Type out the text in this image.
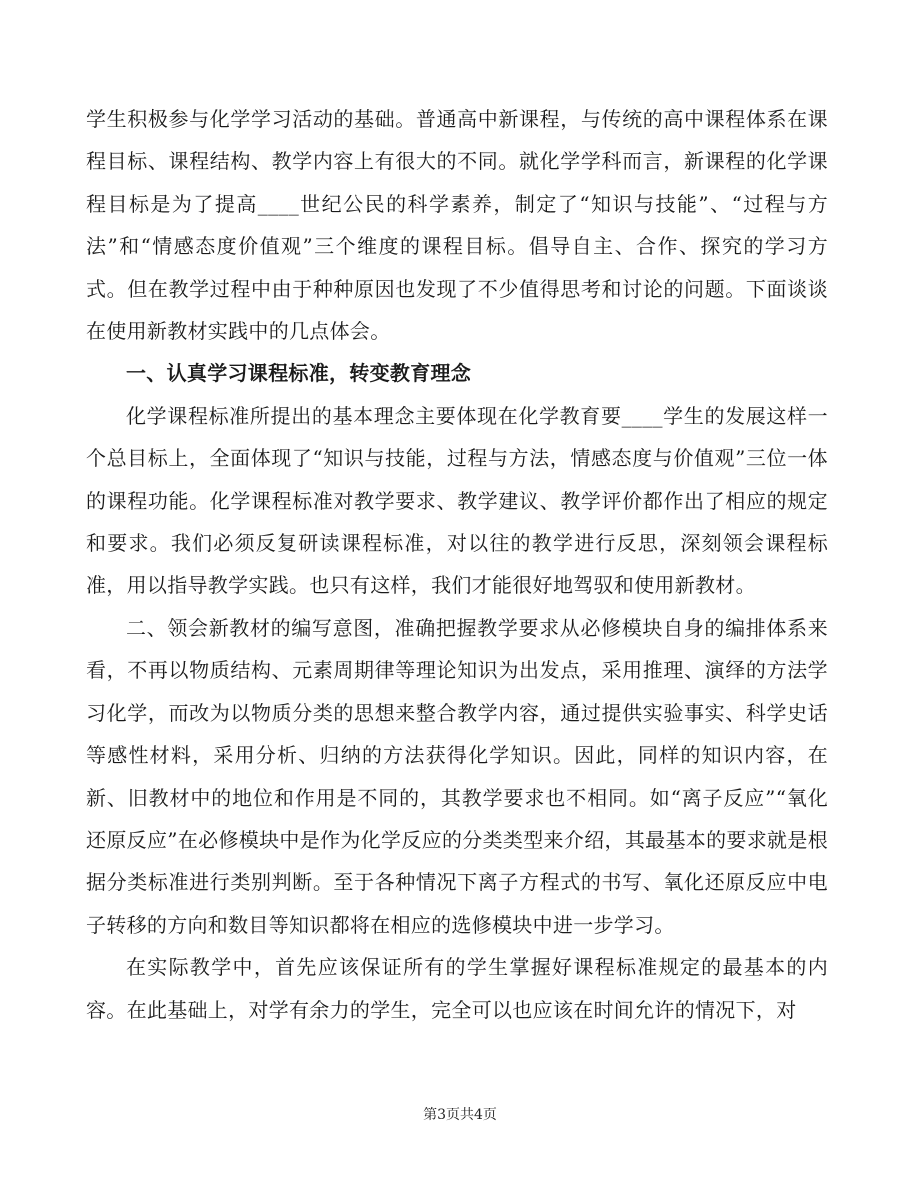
学生积极参与化学学习活动的基础。普通高中新课程，与传统的高中课程体系在课程目标、课程结构、教学内容上有很大的不同。就化学学科而言，新课程的化学课程目标是为了提高____世纪公民的科学素养，制定了“知识与技能”、“过程与方法”和“情感态度价值观”三个维度的课程目标。倡导自主、合作、探究的学习方式。但在教学过程中由于种种原因也发现了不少值得思考和讨论的问题。下面谈谈在使用新教材实践中的几点体会。

一、认真学习课程标准，转变教育理念

化学课程标准所提出的基本理念主要体现在化学教育要____学生的发展这样一个总目标上，全面体现了“知识与技能，过程与方法，情感态度与价值观”三位一体的课程功能。化学课程标准对教学要求、教学建议、教学评价都作出了相应的规定和要求。我们必须反复研读课程标准，对以往的教学进行反思，深刻领会课程标准，用以指导教学实践。也只有这样，我们才能很好地驾驭和使用新教材。

二、领会新教材的编写意图，准确把握教学要求从必修模块自身的编排体系来看，不再以物质结构、元素周期律等理论知识为出发点，采用推理、演绎的方法学习化学，而改为以物质分类的思想来整合教学内容，通过提供实验事实、科学史话等感性材料，采用分析、归纳的方法获得化学知识。因此，同样的知识内容，在新、旧教材中的地位和作用是不同的，其教学要求也不相同。如“离子反应”“氧化还原反应”在必修模块中是作为化学反应的分类类型来介绍，其最基本的要求就是根据分类标准进行类别判断。至于各种情况下离子方程式的书写、氧化还原反应中电子转移的方向和数目等知识都将在相应的选修模块中进一步学习。

在实际教学中，首先应该保证所有的学生掌握好课程标准规定的最基本的内容。在此基础上，对学有余力的学生，完全可以也应该在时间允许的情况下，对

第3页共4页
